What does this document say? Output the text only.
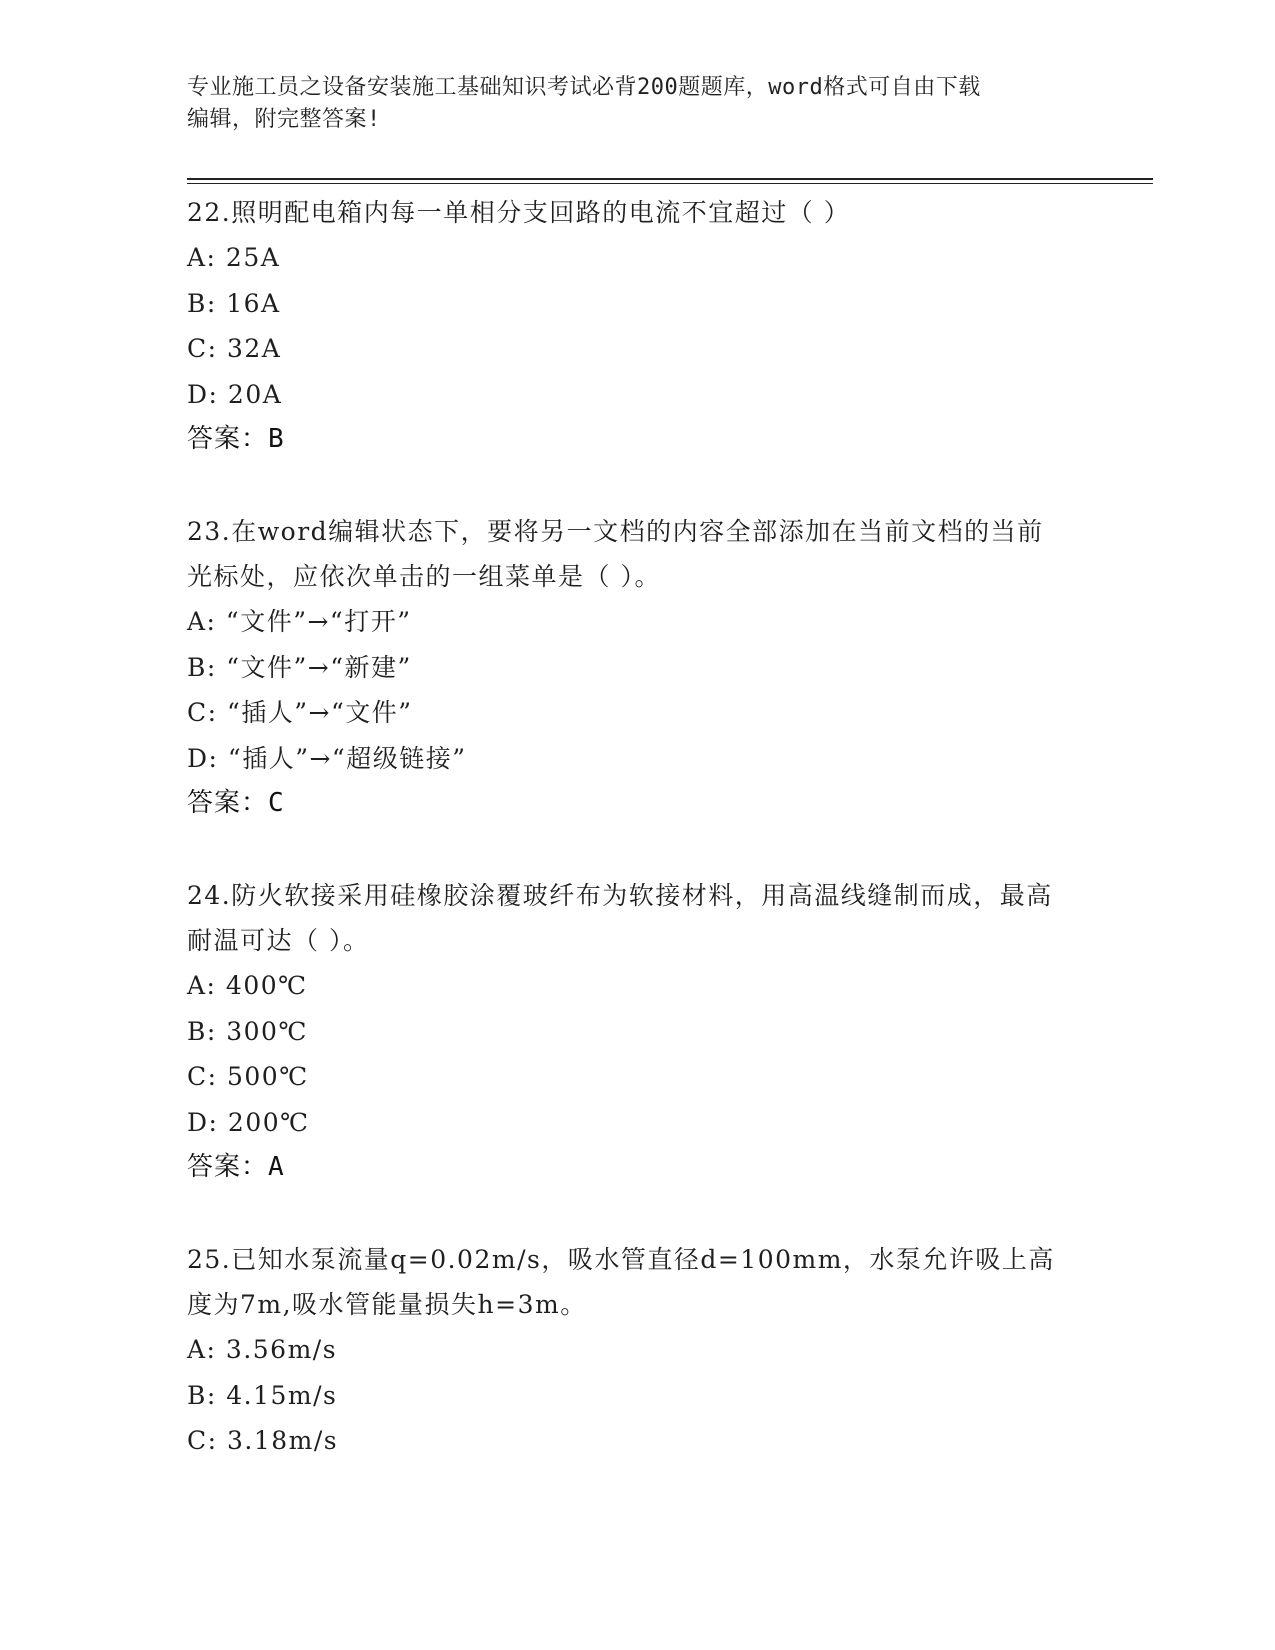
专业施工员之设备安装施工基础知识考试必背200题题库，word格式可自由下载
编辑，附完整答案!
22.照明配电箱内每一单相分支回路的电流不宜超过（ ）
A: 25A
B: 16A
C: 32A
D: 20A
答案：B
23.在word编辑状态下，要将另一文档的内容全部添加在当前文档的当前光标处，应依次单击的一组菜单是（ ）。
A: “文件”→“打开”
B: “文件”→“新建”
C: “插人”→“文件”
D: “插人”→“超级链接”
答案：C
24.防火软接采用硅橡胶涂覆玻纤布为软接材料，用高温线缝制而成，最高耐温可达（ ）。
A: 400℃
B: 300℃
C: 500℃
D: 200℃
答案：A
25.已知水泵流量q=0.02m/s，吸水管直径d=100mm，水泵允许吸上高度为7m,吸水管能量损失h=3m。
A: 3.56m/s
B: 4.15m/s
C: 3.18m/s
